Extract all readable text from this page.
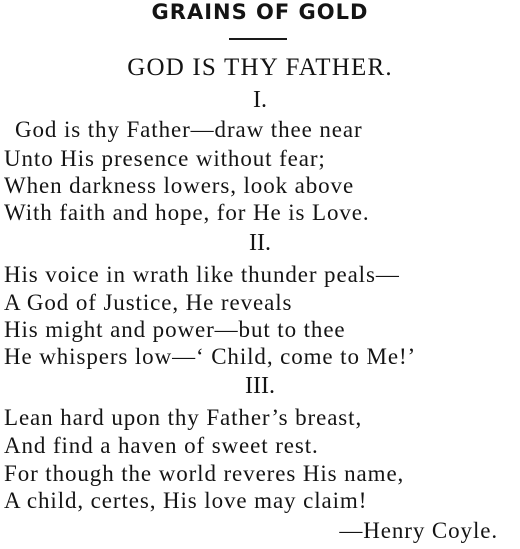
GRAINS OF GOLD
GOD IS THY FATHER.
I.
God is thy Father—draw thee near
Unto His presence without fear;
When darkness lowers, look above
With faith and hope, for He is Love.
II.
His voice in wrath like thunder peals—
A God of Justice, He reveals
His might and power—but to thee
He whispers low—‘ Child, come to Me!’
III.
Lean hard upon thy Father’s breast,
And find a haven of sweet rest.
For though the world reveres His name,
A child, certes, His love may claim!
—Henry Coyle.
